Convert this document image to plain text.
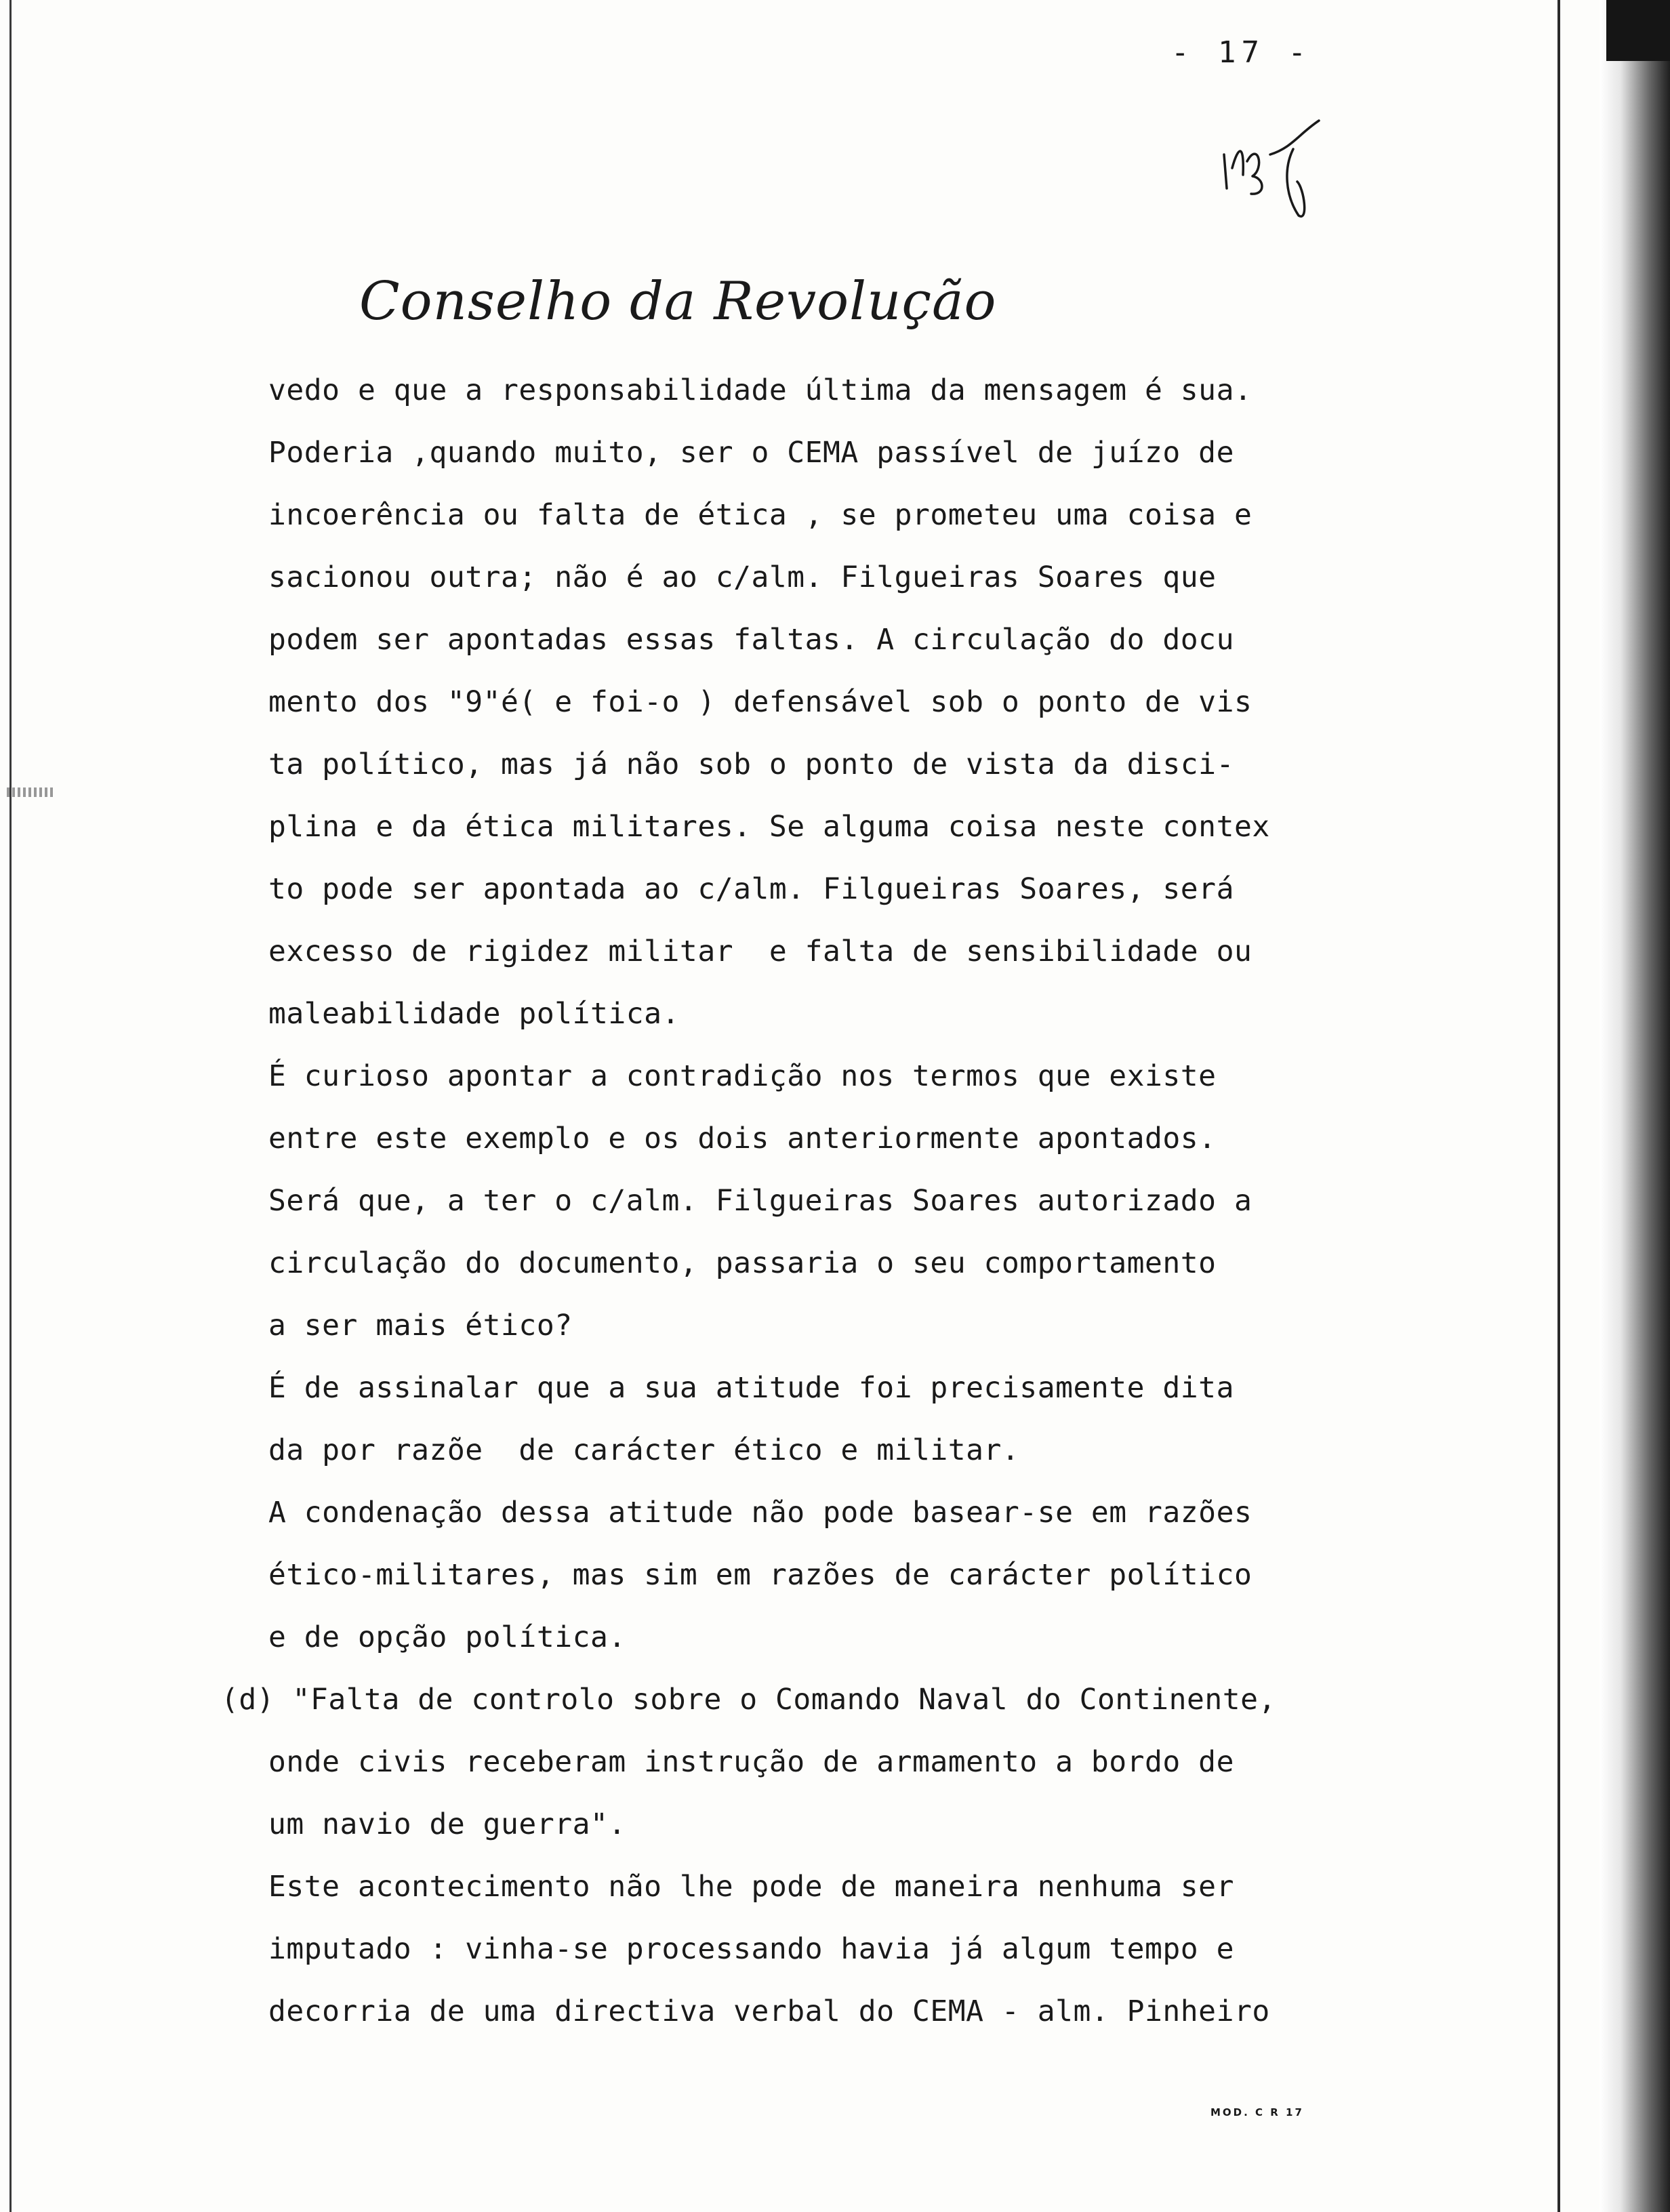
- 17 -
Conselho da Revolução
vedo e que a responsabilidade última da mensagem é sua.
Poderia ,quando muito, ser o CEMA passível de juízo de
incoerência ou falta de ética , se prometeu uma coisa e
sacionou outra; não é ao c/alm. Filgueiras Soares que
podem ser apontadas essas faltas. A circulação do docu
mento dos "9"é( e foi-o ) defensável sob o ponto de vis
ta político, mas já não sob o ponto de vista da disci-
plina e da ética militares. Se alguma coisa neste contex
to pode ser apontada ao c/alm. Filgueiras Soares, será
excesso de rigidez militar  e falta de sensibilidade ou
maleabilidade política.
É curioso apontar a contradição nos termos que existe
entre este exemplo e os dois anteriormente apontados.
Será que, a ter o c/alm. Filgueiras Soares autorizado a
circulação do documento, passaria o seu comportamento
a ser mais ético?
É de assinalar que a sua atitude foi precisamente dita
da por razõe  de carácter ético e militar.
A condenação dessa atitude não pode basear-se em razões
ético-militares, mas sim em razões de carácter político
e de opção política.
(d) "Falta de controlo sobre o Comando Naval do Continente,
onde civis receberam instrução de armamento a bordo de
um navio de guerra".
Este acontecimento não lhe pode de maneira nenhuma ser
imputado : vinha-se processando havia já algum tempo e
decorria de uma directiva verbal do CEMA - alm. Pinheiro
MOD. C R 17
